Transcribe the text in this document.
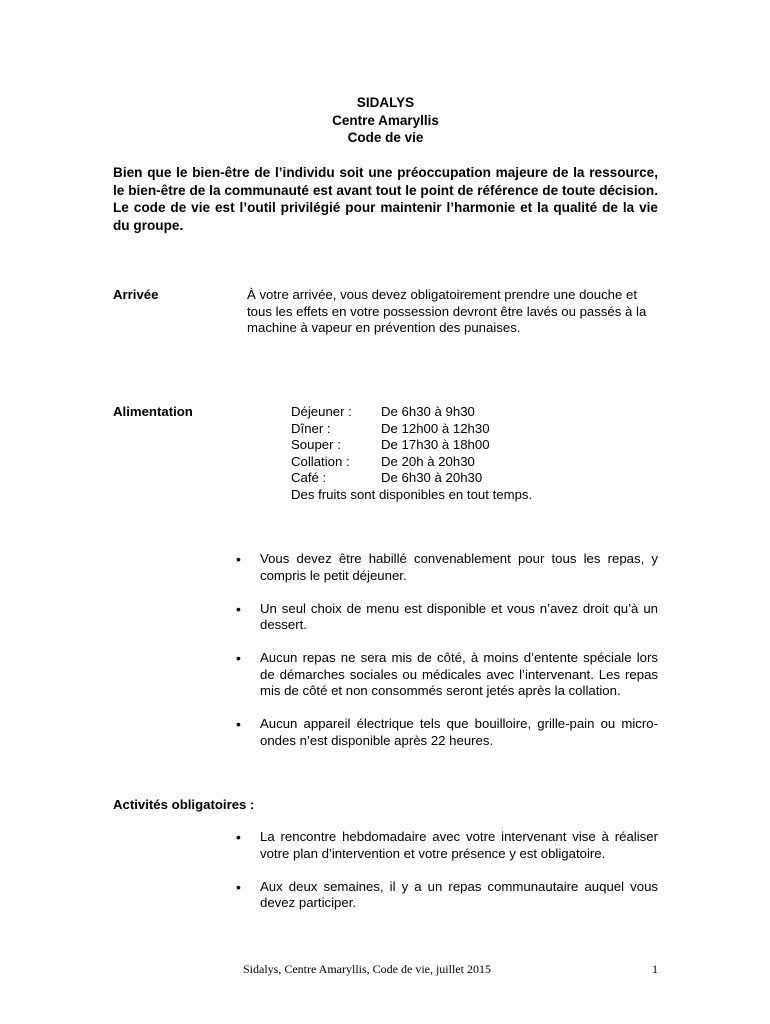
SIDALYS
Centre Amaryllis
Code de vie
Bien que le bien-être de l’individu soit une préoccupation majeure de la ressource, le bien-être de la communauté est avant tout le point de référence de toute décision. Le code de vie est l’outil privilégié pour maintenir l’harmonie et la qualité de la vie du groupe.
Arrivée	À votre arrivée, vous devez obligatoirement prendre une douche et tous les effets en votre possession devront être lavés ou passés à la machine à vapeur en prévention des punaises.
Alimentation	Déjeuner :	De 6h30 à 9h30
Dîner :	De 12h00 à 12h30
Souper :	De 17h30 à 18h00
Collation :	De 20h à 20h30
Café :	De 6h30 à 20h30
Des fruits sont disponibles en tout temps.
•	Vous devez être habillé convenablement pour tous les repas, y compris le petit déjeuner.
•	Un seul choix de menu est disponible et vous n’avez droit qu’à un dessert.
•	Aucun repas ne sera mis de côté, à moins d’entente spéciale lors de démarches sociales ou médicales avec l’intervenant. Les repas mis de côté et non consommés seront jetés après la collation.
•	Aucun appareil électrique tels que bouilloire, grille-pain ou micro-ondes n’est disponible après 22 heures.
Activités obligatoires :
•	La rencontre hebdomadaire avec votre intervenant vise à réaliser votre plan d’intervention et votre présence y est obligatoire.
•	Aux deux semaines, il y a un repas communautaire auquel vous devez participer.
Sidalys, Centre Amaryllis, Code de vie, juillet 2015	1
